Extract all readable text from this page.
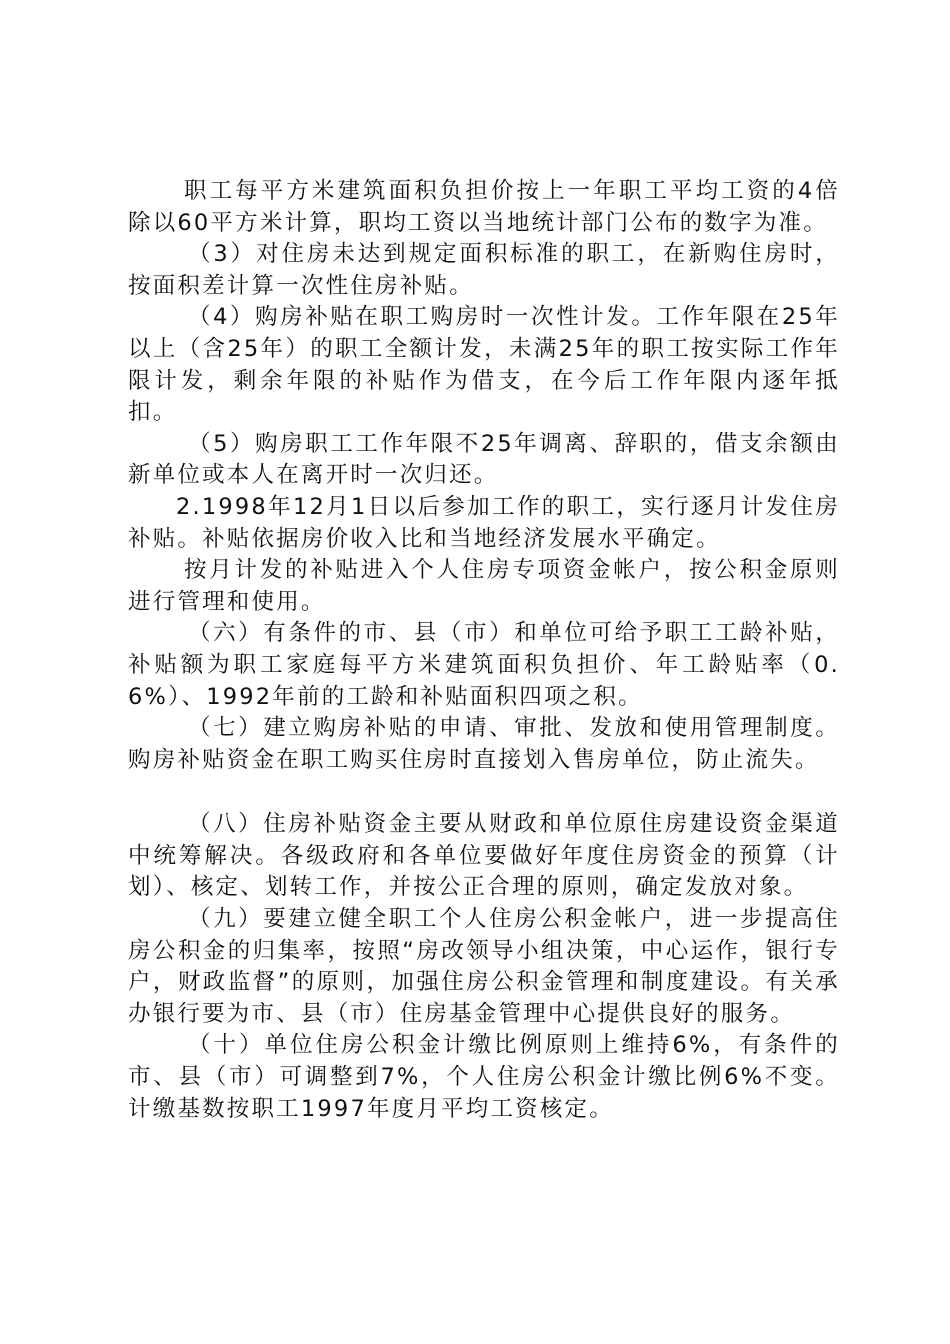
职工每平方米建筑面积负担价按上一年职工平均工资的4倍除以60平方米计算，职均工资以当地统计部门公布的数字为准。

（3）对住房未达到规定面积标准的职工，在新购住房时，按面积差计算一次性住房补贴。

（4）购房补贴在职工购房时一次性计发。工作年限在25年以上（含25年）的职工全额计发，未满25年的职工按实际工作年限计发，剩余年限的补贴作为借支，在今后工作年限内逐年抵扣。

（5）购房职工工作年限不25年调离、辞职的，借支余额由新单位或本人在离开时一次归还。

2.1998年12月1日以后参加工作的职工，实行逐月计发住房补贴。补贴依据房价收入比和当地经济发展水平确定。

按月计发的补贴进入个人住房专项资金帐户，按公积金原则进行管理和使用。

（六）有条件的市、县（市）和单位可给予职工工龄补贴，补贴额为职工家庭每平方米建筑面积负担价、年工龄贴率（0.6%）、1992年前的工龄和补贴面积四项之积。

（七）建立购房补贴的申请、审批、发放和使用管理制度。购房补贴资金在职工购买住房时直接划入售房单位，防止流失。

（八）住房补贴资金主要从财政和单位原住房建设资金渠道中统筹解决。各级政府和各单位要做好年度住房资金的预算（计划）、核定、划转工作，并按公正合理的原则，确定发放对象。

（九）要建立健全职工个人住房公积金帐户，进一步提高住房公积金的归集率，按照“房改领导小组决策，中心运作，银行专户，财政监督”的原则，加强住房公积金管理和制度建设。有关承办银行要为市、县（市）住房基金管理中心提供良好的服务。

（十）单位住房公积金计缴比例原则上维持6%，有条件的市、县（市）可调整到7%，个人住房公积金计缴比例6%不变。计缴基数按职工1997年度月平均工资核定。
